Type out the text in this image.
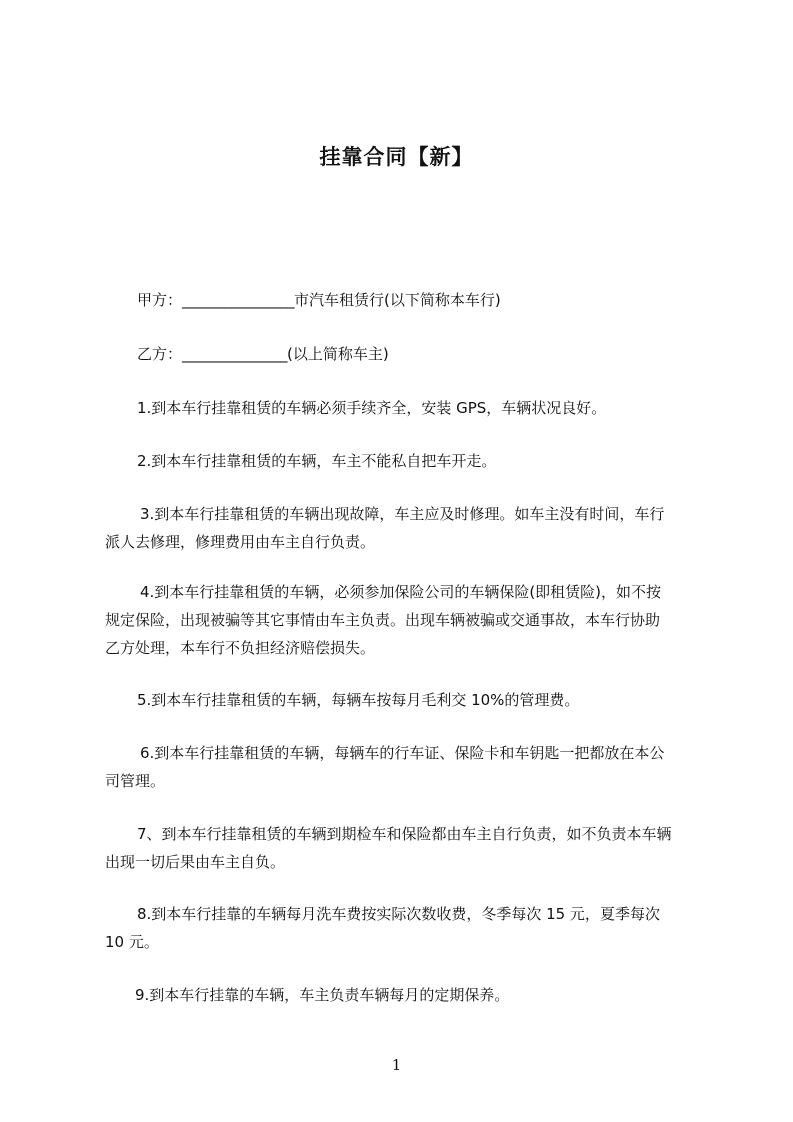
挂靠合同【新】
甲方：________________市汽车租赁行(以下简称本车行)
乙方：_______________(以上简称车主)
1.到本车行挂靠租赁的车辆必须手续齐全，安装 GPS，车辆状况良好。
2.到本车行挂靠租赁的车辆，车主不能私自把车开走。
3.到本车行挂靠租赁的车辆出现故障，车主应及时修理。如车主没有时间，车行
派人去修理，修理费用由车主自行负责。
4.到本车行挂靠租赁的车辆，必须参加保险公司的车辆保险(即租赁险)，如不按
规定保险，出现被骗等其它事情由车主负责。出现车辆被骗或交通事故，本车行协助
乙方处理，本车行不负担经济赔偿损失。
5.到本车行挂靠租赁的车辆，每辆车按每月毛利交 10%的管理费。
6.到本车行挂靠租赁的车辆，每辆车的行车证、保险卡和车钥匙一把都放在本公
司管理。
7、到本车行挂靠租赁的车辆到期检车和保险都由车主自行负责，如不负责本车辆
出现一切后果由车主自负。
8.到本车行挂靠的车辆每月洗车费按实际次数收费，冬季每次 15 元，夏季每次
10 元。
9.到本车行挂靠的车辆，车主负责车辆每月的定期保养。
1
